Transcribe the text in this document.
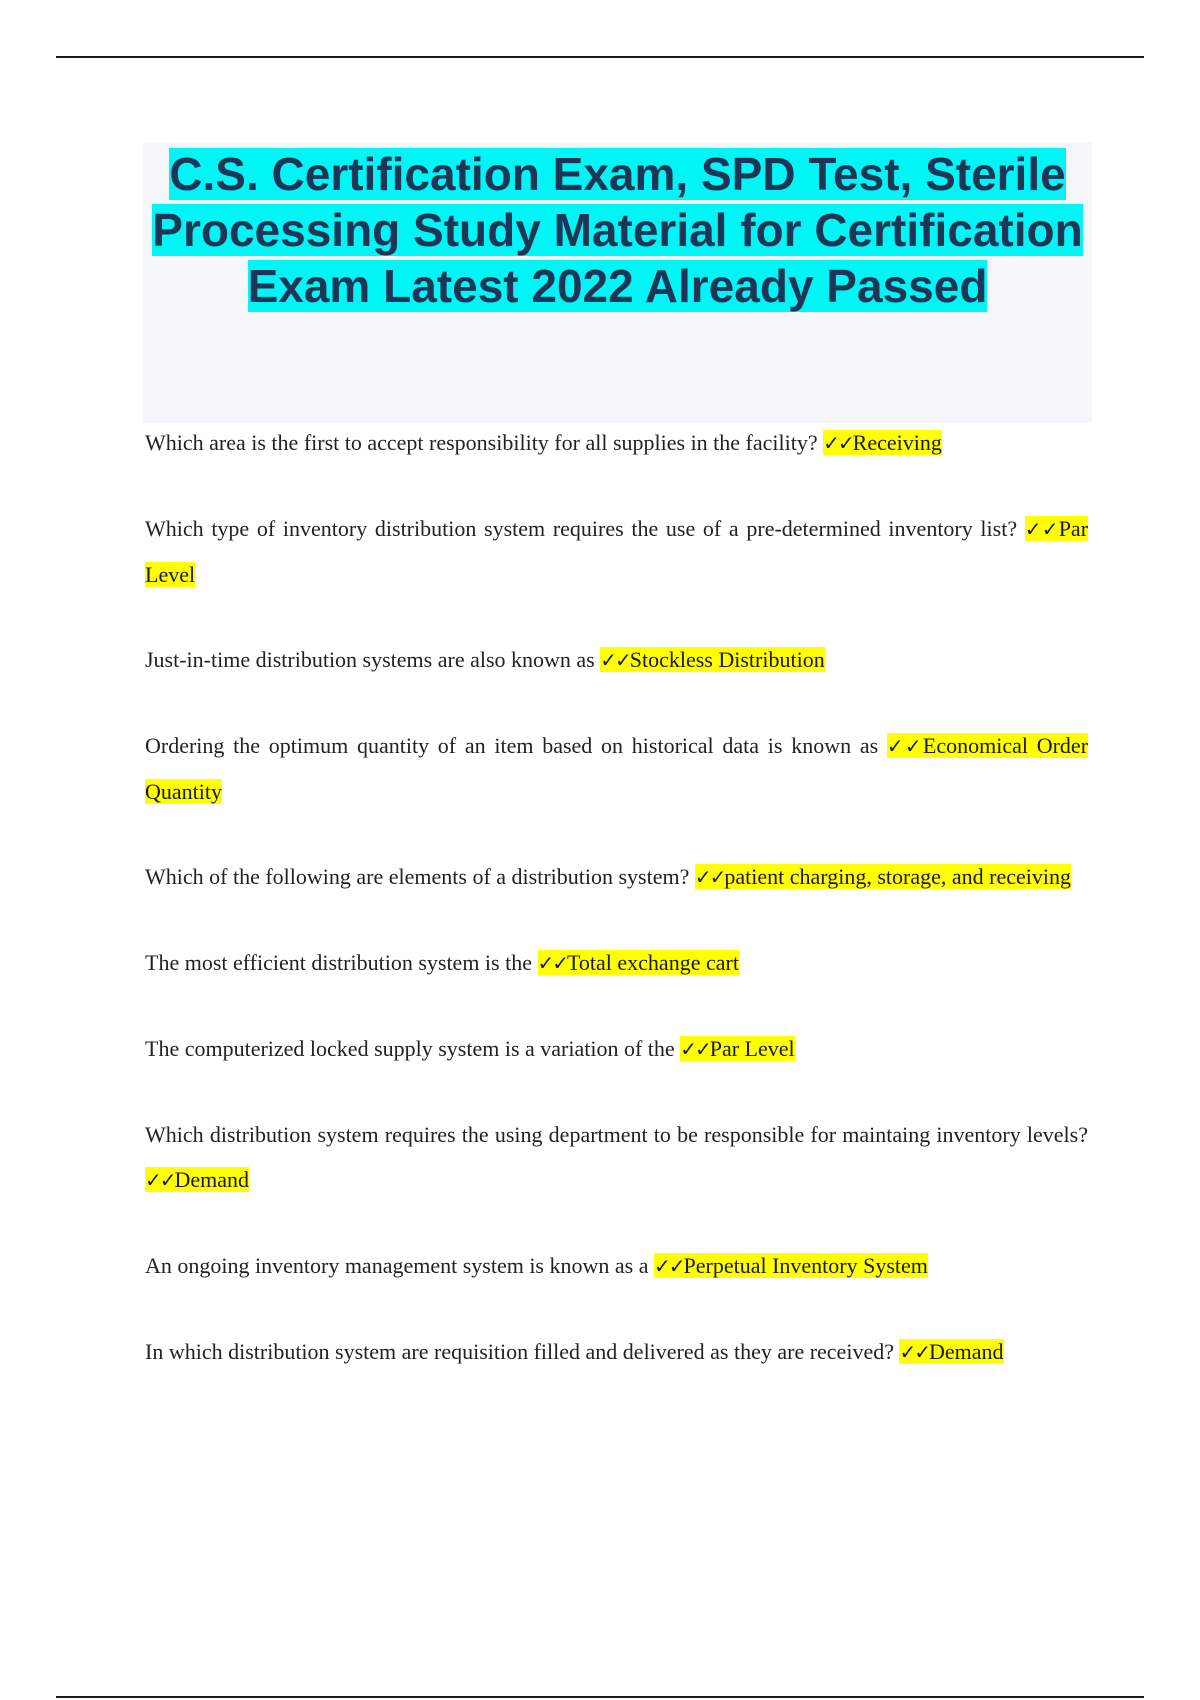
C.S. Certification Exam, SPD Test, Sterile Processing Study Material for Certification Exam Latest 2022 Already Passed

Which area is the first to accept responsibility for all supplies in the facility? ✓✓Receiving

Which type of inventory distribution system requires the use of a pre-determined inventory list? ✓✓Par Level

Just-in-time distribution systems are also known as ✓✓Stockless Distribution

Ordering the optimum quantity of an item based on historical data is known as ✓✓Economical Order Quantity

Which of the following are elements of a distribution system? ✓✓patient charging, storage, and receiving

The most efficient distribution system is the ✓✓Total exchange cart

The computerized locked supply system is a variation of the ✓✓Par Level

Which distribution system requires the using department to be responsible for maintaing inventory levels? ✓✓Demand

An ongoing inventory management system is known as a ✓✓Perpetual Inventory System

In which distribution system are requisition filled and delivered as they are received? ✓✓Demand
